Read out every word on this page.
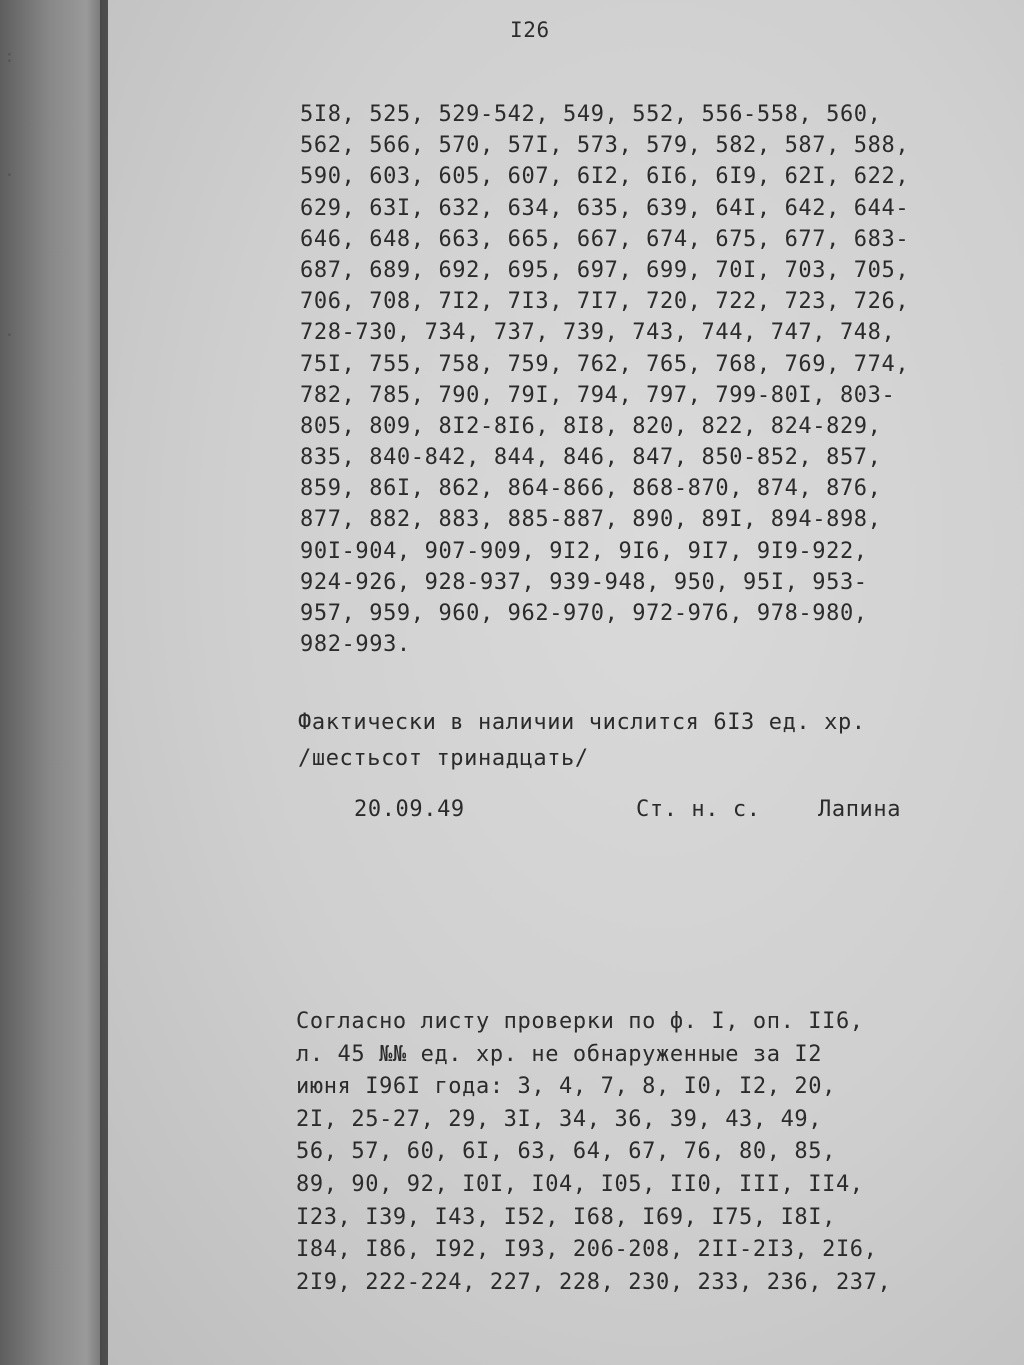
:
.
.
I26
5I8, 525, 529-542, 549, 552, 556-558, 560,
562, 566, 570, 57I, 573, 579, 582, 587, 588,
590, 603, 605, 607, 6I2, 6I6, 6I9, 62I, 622,
629, 63I, 632, 634, 635, 639, 64I, 642, 644-
646, 648, 663, 665, 667, 674, 675, 677, 683-
687, 689, 692, 695, 697, 699, 70I, 703, 705,
706, 708, 7I2, 7I3, 7I7, 720, 722, 723, 726,
728-730, 734, 737, 739, 743, 744, 747, 748,
75I, 755, 758, 759, 762, 765, 768, 769, 774,
782, 785, 790, 79I, 794, 797, 799-80I, 803-
805, 809, 8I2-8I6, 8I8, 820, 822, 824-829,
835, 840-842, 844, 846, 847, 850-852, 857,
859, 86I, 862, 864-866, 868-870, 874, 876,
877, 882, 883, 885-887, 890, 89I, 894-898,
90I-904, 907-909, 9I2, 9I6, 9I7, 9I9-922,
924-926, 928-937, 939-948, 950, 95I, 953-
957, 959, 960, 962-970, 972-976, 978-980,
982-993.
Фактически в наличии числится 6I3 ед. хр.
/шестьсот тринадцать/
20.09.49	Ст. н. с.	Лапина
Согласно листу проверки по ф. I, оп. II6,
л. 45 №№ ед. хр. не обнаруженные за I2
июня I96I года: 3, 4, 7, 8, I0, I2, 20,
2I, 25-27, 29, 3I, 34, 36, 39, 43, 49,
56, 57, 60, 6I, 63, 64, 67, 76, 80, 85,
89, 90, 92, I0I, I04, I05, II0, III, II4,
I23, I39, I43, I52, I68, I69, I75, I8I,
I84, I86, I92, I93, 206-208, 2II-2I3, 2I6,
2I9, 222-224, 227, 228, 230, 233, 236, 237,
